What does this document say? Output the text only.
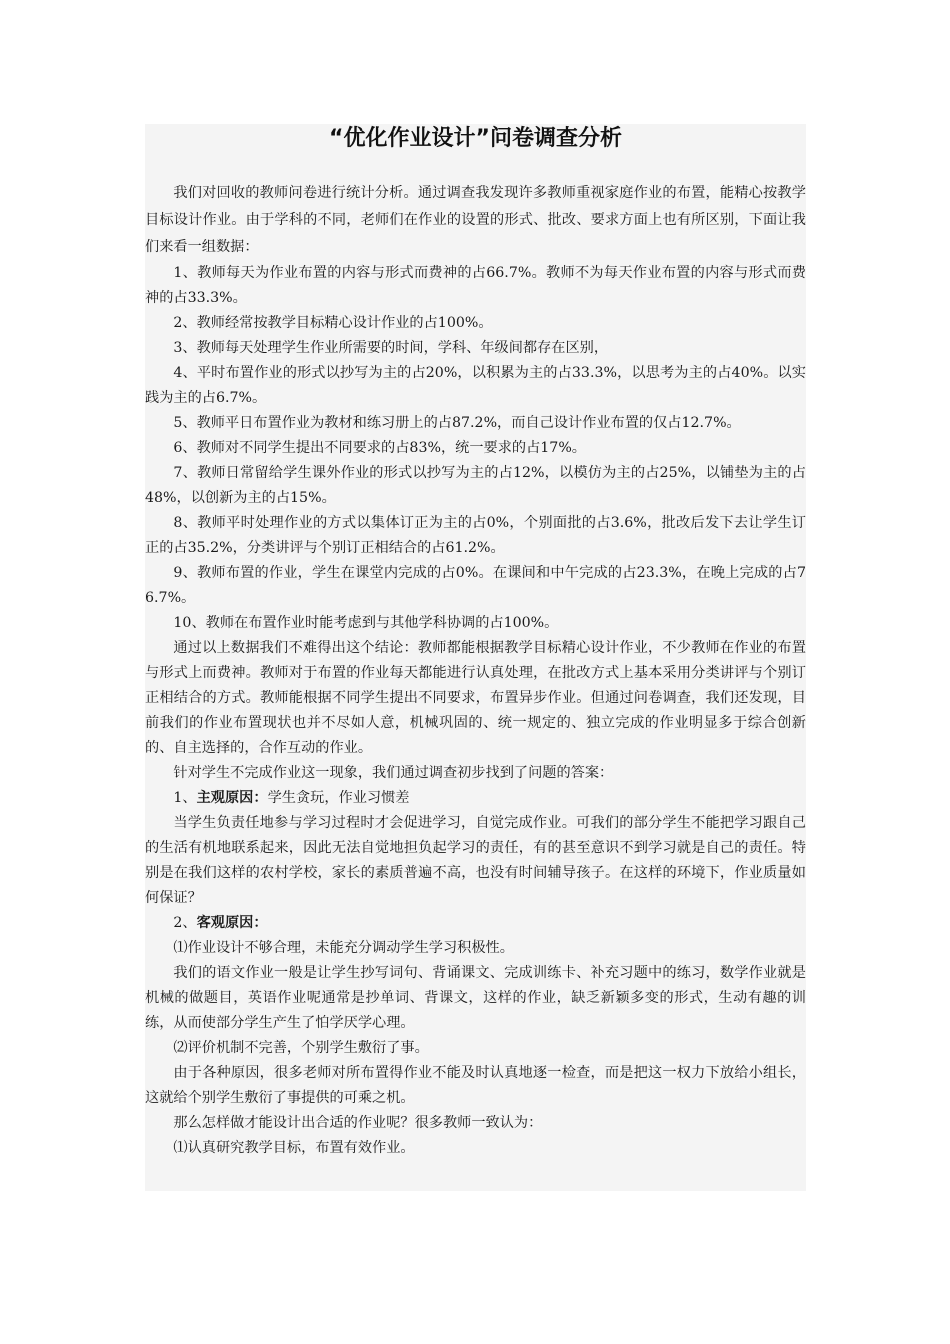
“优化作业设计”问卷调查分析

我们对回收的教师问卷进行统计分析。通过调查我发现许多教师重视家庭作业的布置，能精心按教学目标设计作业。由于学科的不同，老师们在作业的设置的形式、批改、要求方面上也有所区别，下面让我们来看一组数据：

1、教师每天为作业布置的内容与形式而费神的占66.7%。教师不为每天作业布置的内容与形式而费神的占33.3%。

2、教师经常按教学目标精心设计作业的占100%。

3、教师每天处理学生作业所需要的时间，学科、年级间都存在区别，

4、平时布置作业的形式以抄写为主的占20%，以积累为主的占33.3%，以思考为主的占40%。以实践为主的占6.7%。

5、教师平日布置作业为教材和练习册上的占87.2%，而自己设计作业布置的仅占12.7%。

6、教师对不同学生提出不同要求的占83%，统一要求的占17%。

7、教师日常留给学生课外作业的形式以抄写为主的占12%，以模仿为主的占25%，以铺垫为主的占48%，以创新为主的占15%。

8、教师平时处理作业的方式以集体订正为主的占0%，个别面批的占3.6%，批改后发下去让学生订正的占35.2%，分类讲评与个别订正相结合的占61.2%。

9、教师布置的作业，学生在课堂内完成的占0%。在课间和中午完成的占23.3%，在晚上完成的占76.7%。

10、教师在布置作业时能考虑到与其他学科协调的占100%。

通过以上数据我们不难得出这个结论：教师都能根据教学目标精心设计作业，不少教师在作业的布置与形式上而费神。教师对于布置的作业每天都能进行认真处理，在批改方式上基本采用分类讲评与个别订正相结合的方式。教师能根据不同学生提出不同要求，布置异步作业。但通过问卷调查，我们还发现，目前我们的作业布置现状也并不尽如人意，机械巩固的、统一规定的、独立完成的作业明显多于综合创新的、自主选择的，合作互动的作业。

针对学生不完成作业这一现象，我们通过调查初步找到了问题的答案：

1、主观原因：学生贪玩，作业习惯差

当学生负责任地参与学习过程时才会促进学习，自觉完成作业。可我们的部分学生不能把学习跟自己的生活有机地联系起来，因此无法自觉地担负起学习的责任，有的甚至意识不到学习就是自己的责任。特别是在我们这样的农村学校，家长的素质普遍不高，也没有时间辅导孩子。在这样的环境下，作业质量如何保证？

2、客观原因：

⑴作业设计不够合理，未能充分调动学生学习积极性。

我们的语文作业一般是让学生抄写词句、背诵课文、完成训练卡、补充习题中的练习，数学作业就是机械的做题目，英语作业呢通常是抄单词、背课文，这样的作业，缺乏新颖多变的形式，生动有趣的训练，从而使部分学生产生了怕学厌学心理。

⑵评价机制不完善，个别学生敷衍了事。

由于各种原因，很多老师对所布置得作业不能及时认真地逐一检查，而是把这一权力下放给小组长，这就给个别学生敷衍了事提供的可乘之机。

那么怎样做才能设计出合适的作业呢？很多教师一致认为：

⑴认真研究教学目标，布置有效作业。
